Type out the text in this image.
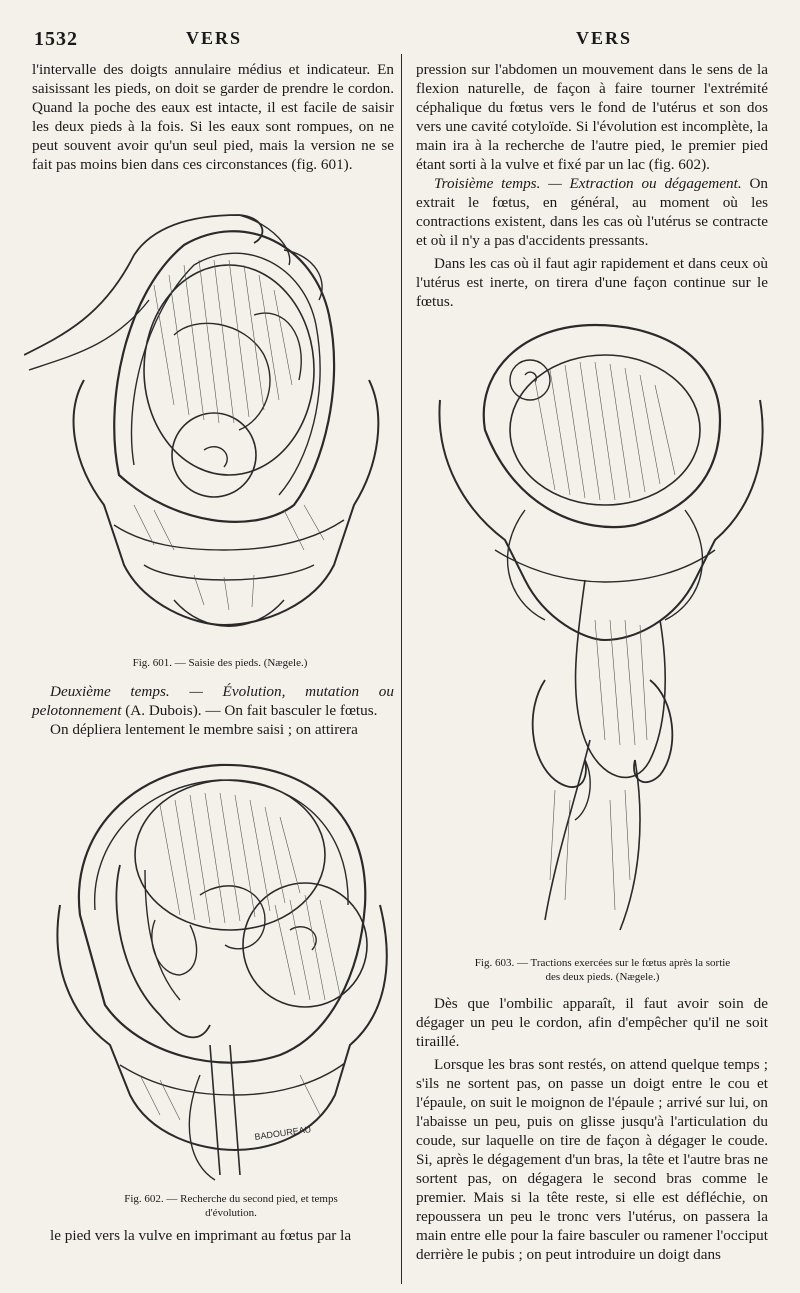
1532	VERS	VERS

l'intervalle des doigts annulaire médius et indicateur. En saisissant les pieds, on doit se garder de prendre le cordon. Quand la poche des eaux est intacte, il est facile de saisir les deux pieds à la fois. Si les eaux sont rompues, on ne peut souvent avoir qu'un seul pied, mais la version ne se fait pas moins bien dans ces circonstances (fig. 601).

Fig. 601. — Saisie des pieds. (Nægele.)

Deuxième temps. — Évolution, mutation ou pelotonnement (A. Dubois). — On fait basculer le fœtus.

On dépliera lentement le membre saisi ; on attirera

BADOUREAU
Fig. 602. — Recherche du second pied, et temps
d'évolution.

le pied vers la vulve en imprimant au fœtus par la

pression sur l'abdomen un mouvement dans le sens de la flexion naturelle, de façon à faire tourner l'extrémité céphalique du fœtus vers le fond de l'utérus et son dos vers une cavité cotyloïde. Si l'évolution est incomplète, la main ira à la recherche de l'autre pied, le premier pied étant sorti à la vulve et fixé par un lac (fig. 602).

Troisième temps. — Extraction ou dégagement. On extrait le fœtus, en général, au moment où les contractions existent, dans les cas où l'utérus se contracte et où il n'y a pas d'accidents pressants.

Dans les cas où il faut agir rapidement et dans ceux où l'utérus est inerte, on tirera d'une façon continue sur le fœtus.

Fig. 603. — Tractions exercées sur le fœtus après la sortie
des deux pieds. (Nægele.)

Dès que l'ombilic apparaît, il faut avoir soin de dégager un peu le cordon, afin d'empêcher qu'il ne soit tiraillé.

Lorsque les bras sont restés, on attend quelque temps ; s'ils ne sortent pas, on passe un doigt entre le cou et l'épaule, on suit le moignon de l'épaule ; arrivé sur lui, on l'abaisse un peu, puis on glisse jusqu'à l'articulation du coude, sur laquelle on tire de façon à dégager le coude. Si, après le dégagement d'un bras, la tête et l'autre bras ne sortent pas, on dégagera le second bras comme le premier. Mais si la tête reste, si elle est défléchie, on repoussera un peu le tronc vers l'utérus, on passera la main entre elle pour la faire basculer ou ramener l'occiput derrière le pubis ; on peut introduire un doigt dans
